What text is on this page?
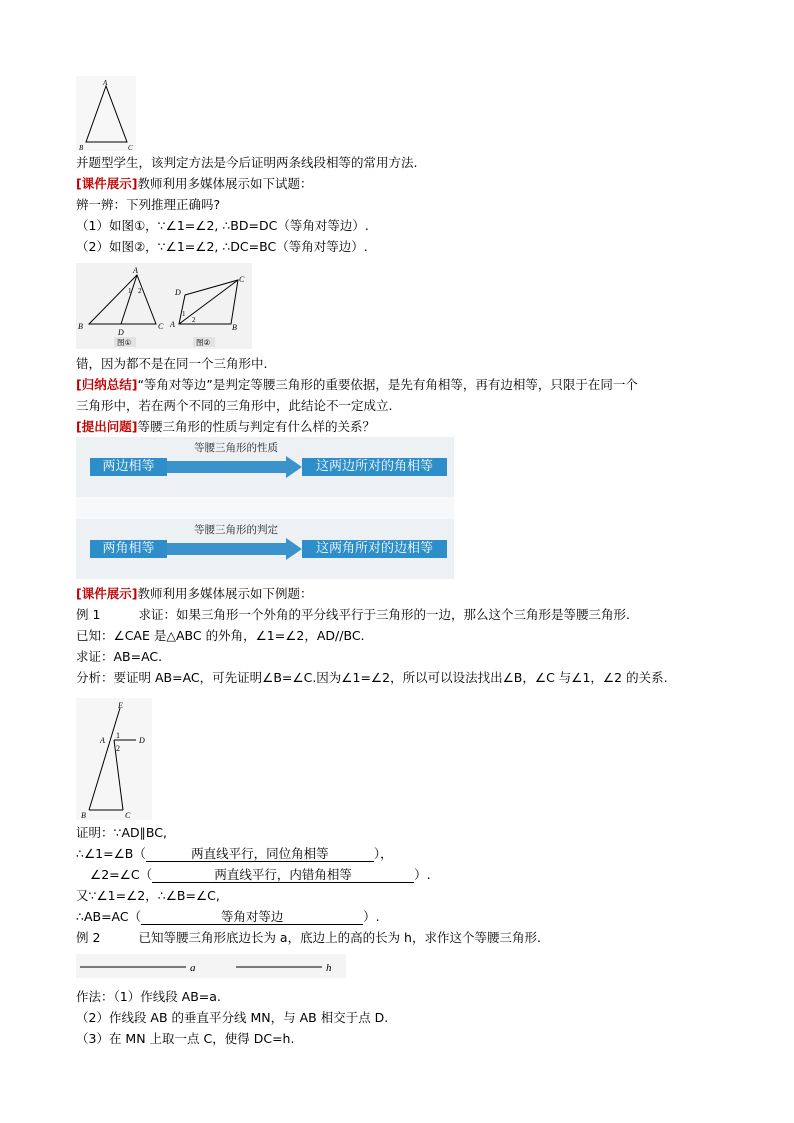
A
B	C
并题型学生，该判定方法是今后证明两条线段相等的常用方法.
[课件展示]教师利用多媒体展示如下试题：
辨一辨：下列推理正确吗?
（1）如图①，∵∠1=∠2, ∴BD=DC（等角对等边）.
（2）如图②，∵∠1=∠2, ∴DC=BC（等角对等边）.
A
B	C
D
1 2
图①
D
C
A	B
1
2
图②
错，因为都不是在同一个三角形中.
[归纳总结]“等角对等边”是判定等腰三角形的重要依据，是先有角相等，再有边相等，只限于在同一个
三角形中，若在两个不同的三角形中，此结论不一定成立.
[提出问题]等腰三角形的性质与判定有什么样的关系？
等腰三角形的性质
两边相等	这两边所对的角相等
等腰三角形的判定
两角相等	这两角所对的边相等
[课件展示]教师利用多媒体展示如下例题：
例 1	求证：如果三角形一个外角的平分线平行于三角形的一边，那么这个三角形是等腰三角形.
已知：∠CAE 是△ABC 的外角，∠1=∠2，AD//BC.
求证：AB=AC.
分析：要证明 AB=AC，可先证明∠B=∠C.因为∠1=∠2，所以可以设法找出∠B，∠C 与∠1，∠2 的关系.
E
A	D
B	C
1
2
证明：∵AD∥BC,
∴∠1=∠B（	两直线平行，同位角相等	），
∠2=∠C（	两直线平行，内错角相等	）.
又∵∠1=∠2，∴∠B=∠C,
∴AB=AC（	等角对等边	）.
例 2	已知等腰三角形底边长为 a，底边上的高的长为 h，求作这个等腰三角形.
a	h
作法：（1）作线段 AB=a.
（2）作线段 AB 的垂直平分线 MN，与 AB 相交于点 D.
（3）在 MN 上取一点 C，使得 DC=h.
